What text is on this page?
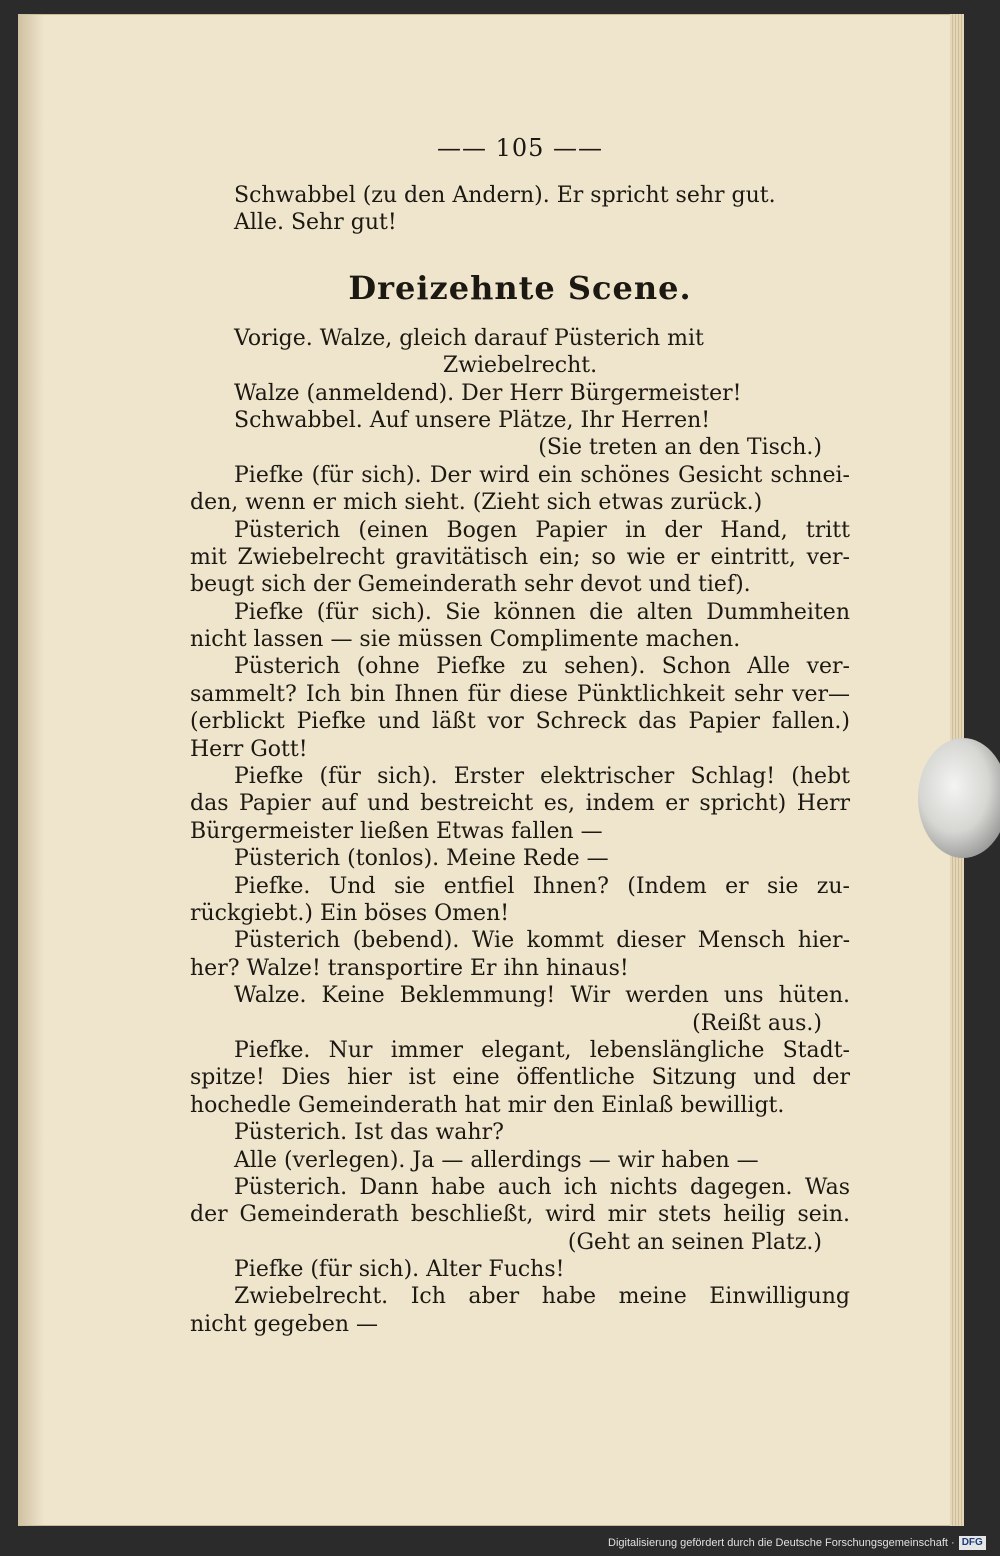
—— 105 ——
Schwabbel (zu den Andern). Er spricht sehr gut.
Alle. Sehr gut!
Dreizehnte Scene.
Vorige. Walze, gleich darauf Püsterich mit
Zwiebelrecht.
Walze (anmeldend). Der Herr Bürgermeister!
Schwabbel. Auf unsere Plätze, Ihr Herren!
(Sie treten an den Tisch.)
Piefke (für sich). Der wird ein schönes Gesicht schnei-
den, wenn er mich sieht. (Zieht sich etwas zurück.)
Püsterich (einen Bogen Papier in der Hand, tritt
mit Zwiebelrecht gravitätisch ein; so wie er eintritt, ver-
beugt sich der Gemeinderath sehr devot und tief).
Piefke (für sich). Sie können die alten Dummheiten
nicht lassen — sie müssen Complimente machen.
Püsterich (ohne Piefke zu sehen). Schon Alle ver-
sammelt? Ich bin Ihnen für diese Pünktlichkeit sehr ver—
(erblickt Piefke und läßt vor Schreck das Papier fallen.)
Herr Gott!
Piefke (für sich). Erster elektrischer Schlag! (hebt
das Papier auf und bestreicht es, indem er spricht) Herr
Bürgermeister ließen Etwas fallen —
Püsterich (tonlos). Meine Rede —
Piefke. Und sie entfiel Ihnen? (Indem er sie zu-
rückgiebt.) Ein böses Omen!
Püsterich (bebend). Wie kommt dieser Mensch hier-
her? Walze! transportire Er ihn hinaus!
Walze. Keine Beklemmung! Wir werden uns hüten.
(Reißt aus.)
Piefke. Nur immer elegant, lebenslängliche Stadt-
spitze! Dies hier ist eine öffentliche Sitzung und der
hochedle Gemeinderath hat mir den Einlaß bewilligt.
Püsterich. Ist das wahr?
Alle (verlegen). Ja — allerdings — wir haben —
Püsterich. Dann habe auch ich nichts dagegen. Was
der Gemeinderath beschließt, wird mir stets heilig sein.
(Geht an seinen Platz.)
Piefke (für sich). Alter Fuchs!
Zwiebelrecht. Ich aber habe meine Einwilligung
nicht gegeben —
Digitalisierung gefördert durch die Deutsche Forschungsgemeinschaft · DFG
